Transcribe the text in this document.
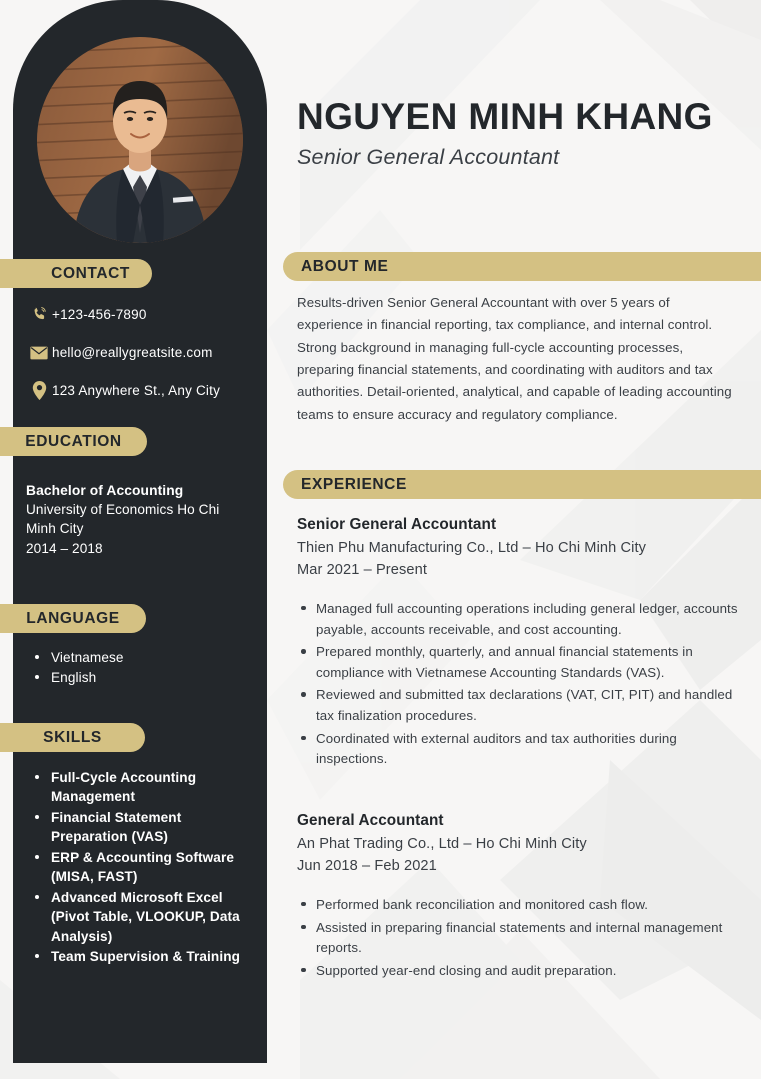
CONTACT
+123-456-7890
hello@reallygreatsite.com
123 Anywhere St., Any City
EDUCATION
Bachelor of Accounting
University of Economics Ho Chi Minh City
2014 – 2018
LANGUAGE
Vietnamese
English
SKILLS
Full-Cycle Accounting Management
Financial Statement Preparation (VAS)
ERP & Accounting Software (MISA, FAST)
Advanced Microsoft Excel (Pivot Table, VLOOKUP, Data Analysis)
Team Supervision & Training
NGUYEN MINH KHANG
Senior General Accountant
ABOUT ME
Results-driven Senior General Accountant with over 5 years of experience in financial reporting, tax compliance, and internal control. Strong background in managing full-cycle accounting processes, preparing financial statements, and coordinating with auditors and tax authorities. Detail-oriented, analytical, and capable of leading accounting teams to ensure accuracy and regulatory compliance.
EXPERIENCE
Senior General Accountant
Thien Phu Manufacturing Co., Ltd – Ho Chi Minh City
Mar 2021 – Present
Managed full accounting operations including general ledger, accounts payable, accounts receivable, and cost accounting.
Prepared monthly, quarterly, and annual financial statements in compliance with Vietnamese Accounting Standards (VAS).
Reviewed and submitted tax declarations (VAT, CIT, PIT) and handled tax finalization procedures.
Coordinated with external auditors and tax authorities during inspections.
General Accountant
An Phat Trading Co., Ltd – Ho Chi Minh City
Jun 2018 – Feb 2021
Performed bank reconciliation and monitored cash flow.
Assisted in preparing financial statements and internal management reports.
Supported year-end closing and audit preparation.
